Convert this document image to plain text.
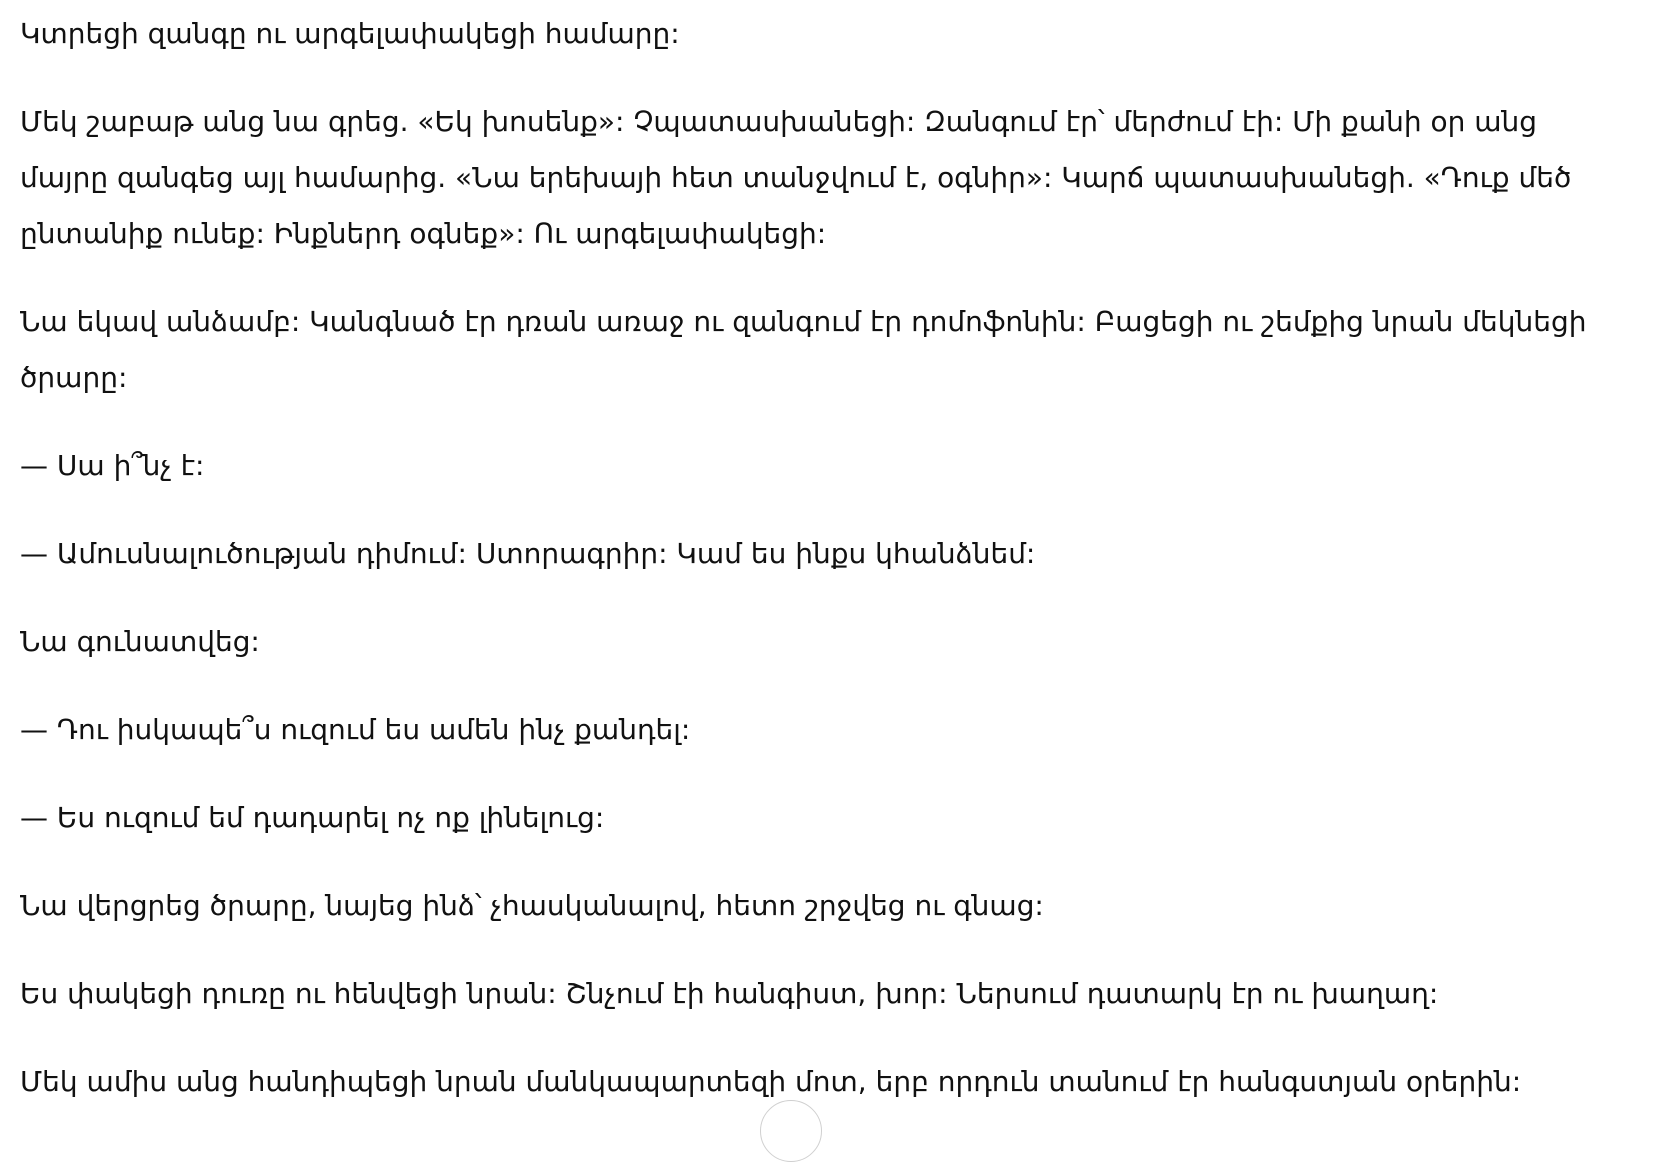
Կտրեցի զանգը ու արգելափակեցի համարը:

Մեկ շաբաթ անց նա գրեց. «Եկ խոսենք»: Չպատասխանեցի: Զանգում էր՝ մերժում էի: Մի քանի օր անց մայրը զանգեց այլ համարից. «Նա երեխայի հետ տանջվում է, օգնիր»: Կարճ պատասխանեցի. «Դուք մեծ ընտանիք ունեք: Ինքներդ օգնեք»: Ու արգելափակեցի:

Նա եկավ անձամբ: Կանգնած էր դռան առաջ ու զանգում էր դոմոֆոնին: Բացեցի ու շեմքից նրան մեկնեցի ծրարը:

— Սա ի՞նչ է:

— Ամուսնալուծության դիմում: Ստորագրիր: Կամ ես ինքս կհանձնեմ:

Նա գունատվեց:

— Դու իսկապե՞ս ուզում ես ամեն ինչ քանդել:

— Ես ուզում եմ դադարել ոչ ոք լինելուց:

Նա վերցրեց ծրարը, նայեց ինձ՝ չհասկանալով, հետո շրջվեց ու գնաց:

Ես փակեցի դուռը ու հենվեցի նրան: Շնչում էի հանգիստ, խոր: Ներսում դատարկ էր ու խաղաղ:

Մեկ ամիս անց հանդիպեցի նրան մանկապարտեզի մոտ, երբ որդուն տանում էր հանգստյան օրերին:
